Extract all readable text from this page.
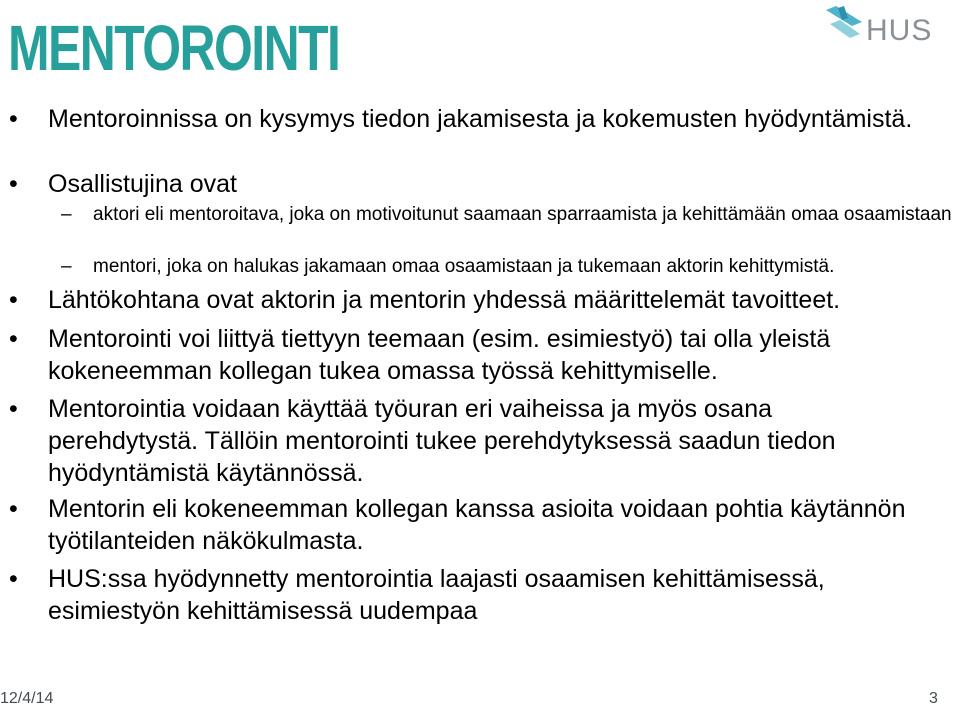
MENTOROINTI	HUS

• Mentoroinnissa on kysymys tiedon jakamisesta ja kokemusten hyödyntämistä.

• Osallistujina ovat

– aktori eli mentoroitava, joka on motivoitunut saamaan sparraamista ja kehittämään omaa osaamistaan

– mentori, joka on halukas jakamaan omaa osaamistaan ja tukemaan aktorin kehittymistä.

• Lähtökohtana ovat aktorin ja mentorin yhdessä määrittelemät tavoitteet.

• Mentorointi voi liittyä tiettyyn teemaan (esim. esimiestyö) tai olla yleistä kokeneemman kollegan tukea omassa työssä kehittymiselle.

• Mentorointia voidaan käyttää työuran eri vaiheissa ja myös osana perehdytystä. Tällöin mentorointi tukee perehdytyksessä saadun tiedon hyödyntämistä käytännössä.

• Mentorin eli kokeneemman kollegan kanssa asioita voidaan pohtia käytännön työtilanteiden näkökulmasta.

• HUS:ssa hyödynnetty mentorointia laajasti osaamisen kehittämisessä, esimiestyön kehittämisessä uudempaa

12/4/14	3
